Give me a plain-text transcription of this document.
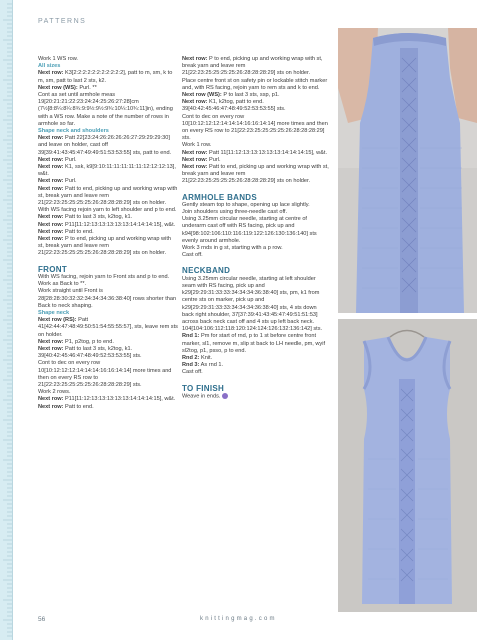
PATTERNS

Work 1 WS row.

All sizes

Next row: K3[2:2:2:2:2:2:2:2:2:2:2], patt to m, sm, k to m, sm, patt to last 2 sts, k2.

Next row (WS): Purl. **

Cont as set until armhole meas 19[20:21:21:22:23:24:24:25:26:27:28]cm (7½[8:8¼:8¼:8¾:9:9½:9½:9¾:10¼:10¾:11]in), ending with a WS row. Make a note of the number of rows in armhole so far.

Shape neck and shoulders

Next row: Patt 22[23:24:26:26:26:26:27:29:29:29:30] and leave on holder, cast off 39[39:41:43:45:47:49:49:51:53:53:55] sts, patt to end.

Next row: Purl.

Next row: K1, ssk, k9[9:10:11:11:11:11:11:12:12:12:13], w&t.

Next row: Purl.

Next row: Patt to end, picking up and working wrap with st, break yarn and leave rem 21[22:23:25:25:25:25:26:28:28:28:29] sts on holder.

With WS facing rejoin yarn to left shoulder and p to end.

Next row: Patt to last 3 sts, k2tog, k1.

Next row: P11[11:12:13:13:13:13:13:14:14:14:15], w&t.

Next row: Patt to end.

Next row: P to end, picking up and working wrap with st, break yarn and leave rem 21[22:23:25:25:25:25:26:28:28:28:29] sts on holder.

FRONT

With WS facing, rejoin yarn to Front sts and p to end.

Work as Back to **.

Work straight until Front is 28[28:28:30:32:32:34:34:34:36:38:40] rows shorter than Back to neck shaping.

Shape neck

Next row (RS): Patt 41[42:44:47:48:49:50:51:54:55:55:57], sts, leave rem sts on holder.

Next row: P1, p2tog, p to end.

Next row: Patt to last 3 sts, k2tog, k1. 39[40:42:45:46:47:48:49:52:53:53:55] sts.

Cont to dec on every row 10[10:12:12:12:14:14:14:16:16:14:14] more times and then on every RS row to 21[22:23:25:25:25:25:26:28:28:28:29] sts.

Work 2 rows.

Next row: P11[11:12:13:13:13:13:13:14:14:14:15], w&t.

Next row: Patt to end.

Next row: P to end, picking up and working wrap with st, break yarn and leave rem 21[22:23:25:25:25:25:26:28:28:28:29] sts on holder.

Place centre front st on safety pin or lockable stitch marker and, with RS facing, rejoin yarn to rem sts and k to end.

Next row (WS): P to last 3 sts, ssp, p1.

Next row: K1, k2tog, patt to end. 39[40:42:45:46:47:48:49:52:53:53:55] sts.

Cont to dec on every row 10[10:12:12:12:14:14:14:16:16:14:14] more times and then on every RS row to 21[22:23:25:25:25:25:26:28:28:28:29] sts.

Work 1 row.

Next row: Patt 11[11:12:13:13:13:13:13:14:14:14:15], w&t.

Next row: Purl.

Next row: Patt to end, picking up and working wrap with st, break yarn and leave rem 21[22:23:25:25:25:25:26:28:28:28:29] sts on holder.

ARMHOLE BANDS

Gently steam top to shape, opening up lace slightly.

Join shoulders using three-needle cast off.

Using 3.25mm circular needle, starting at centre of underarm cast off with RS facing, pick up and k94[98:102:106:110:116:119:122:126:130:136:140] sts evenly around armhole.

Work 3 rnds in g st, starting with a p row.

Cast off.

NECKBAND

Using 3.25mm circular needle, starting at left shoulder seam with RS facing, pick up and k29[29:29:31:33:33:34:34:34:36:38:40] sts, pm, k1 from centre sts on marker, pick up and k29[29:29:31:33:33:34:34:34:36:38:40] sts, 4 sts down back right shoulder, 37[37:39:41:43:45:47:49:51:51:53] across back neck cast off and 4 sts up left back neck. 104[104:106:112:118:120:124:124:126:132:136:142] sts.

Rnd 1: Pm for start of rnd, p to 1 st before centre front marker, sl1, remove m, slip st back to LH needle, pm, wyif sl2tog, p1, psso, p to end.

Rnd 2: Knit.

Rnd 3: As rnd 1.

Cast off.

TO FINISH

Weave in ends.

56	knittingmag.com
